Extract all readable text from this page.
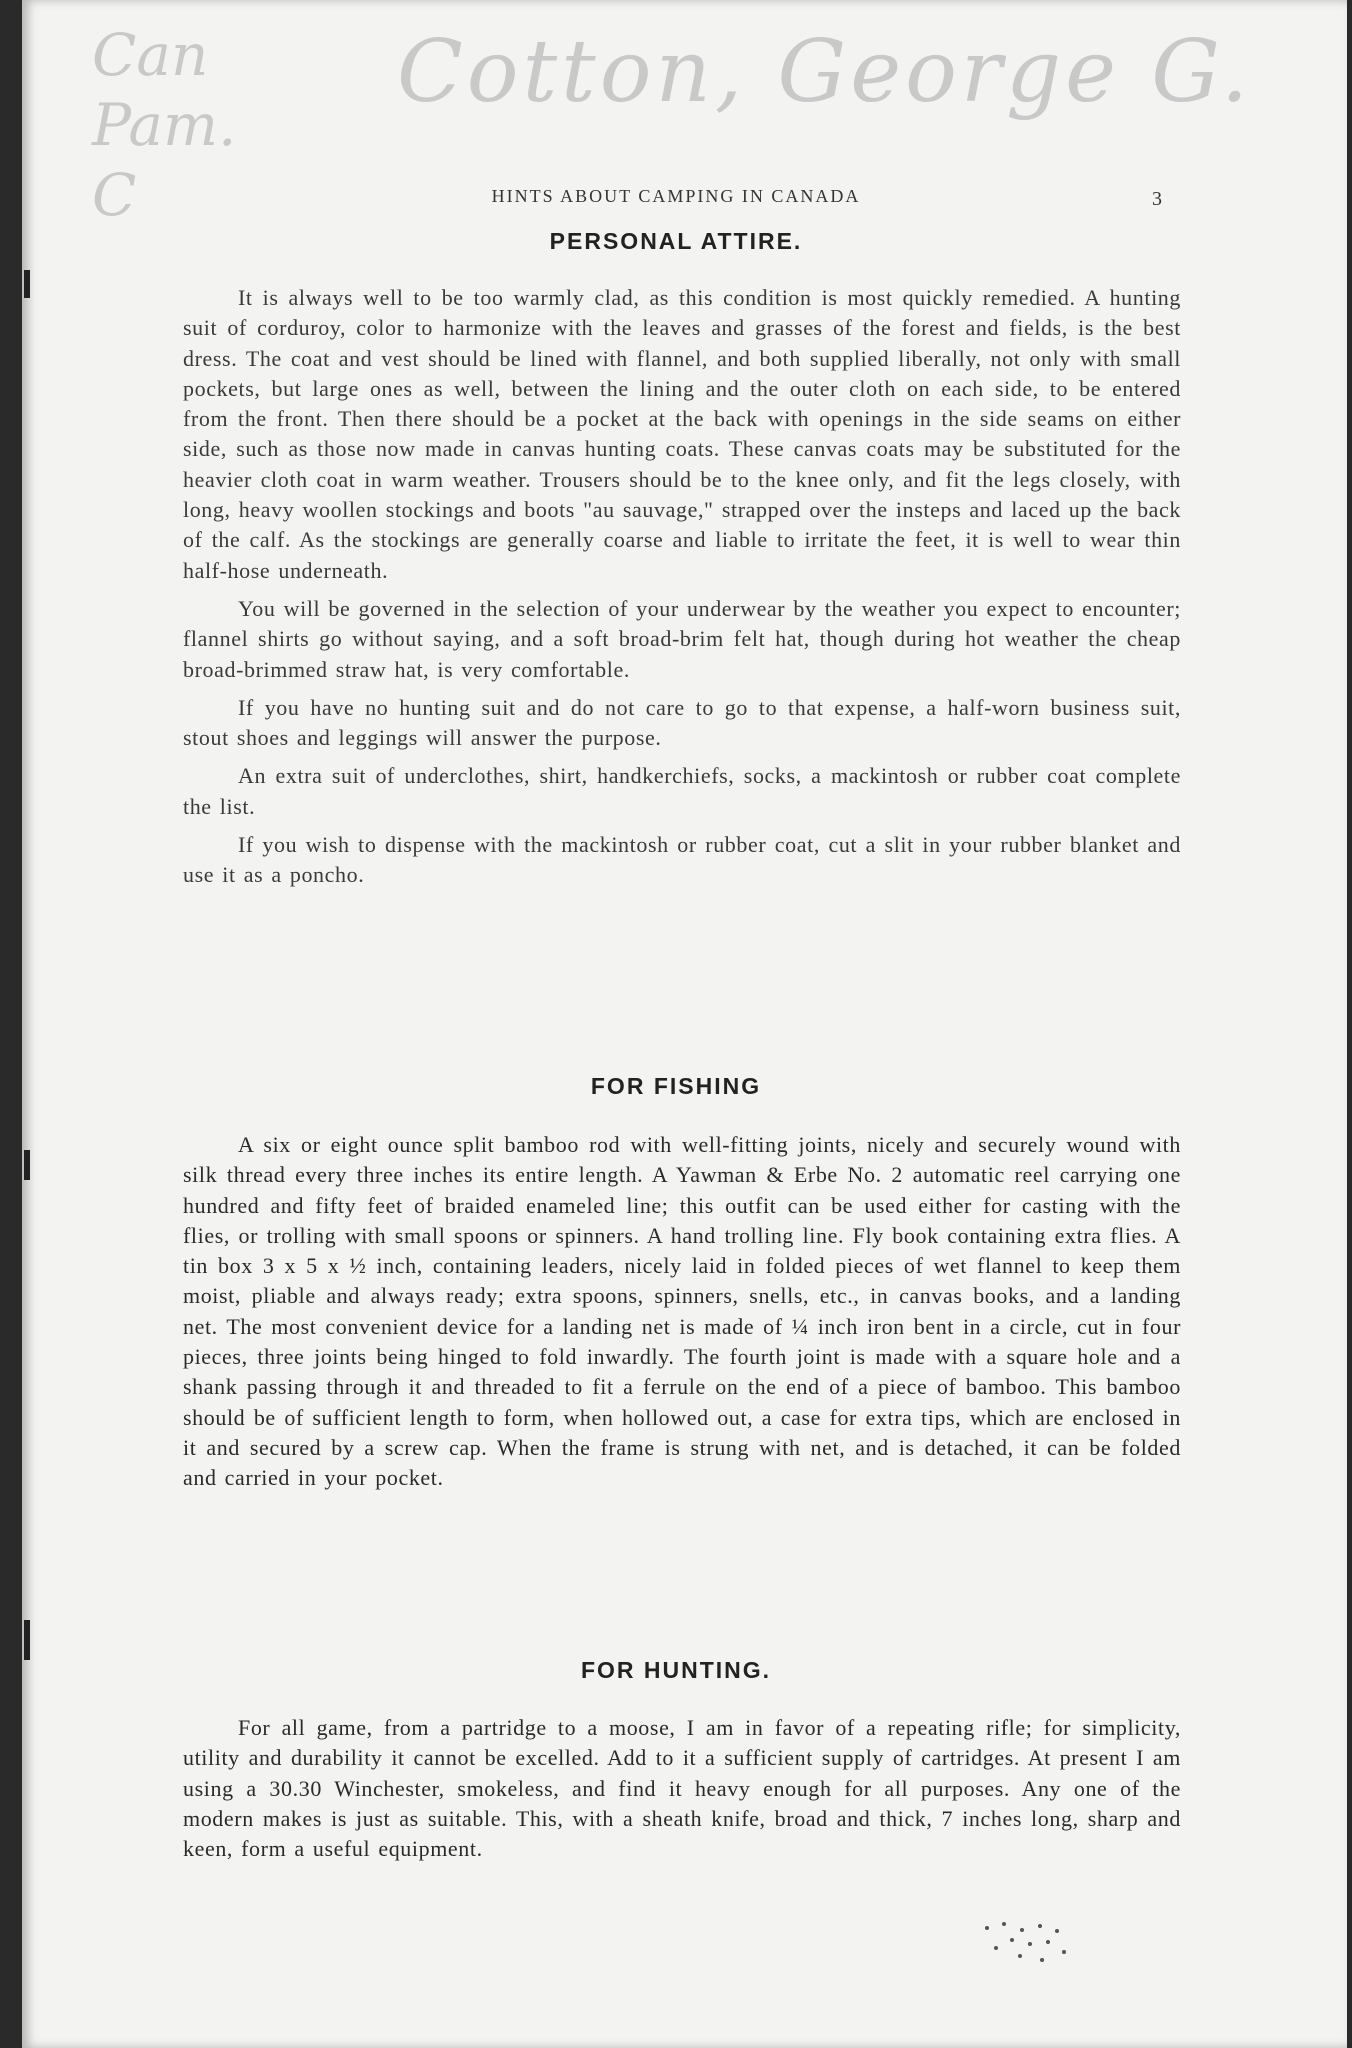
Can
Pam.
C
Cotton, George G.
HINTS ABOUT CAMPING IN CANADA	3
PERSONAL ATTIRE.

It is always well to be too warmly clad, as this condition is most quickly remedied. A hunting suit of corduroy, color to harmonize with the leaves and grasses of the forest and fields, is the best dress. The coat and vest should be lined with flannel, and both supplied liberally, not only with small pockets, but large ones as well, between the lining and the outer cloth on each side, to be entered from the front. Then there should be a pocket at the back with openings in the side seams on either side, such as those now made in canvas hunting coats. These canvas coats may be substituted for the heavier cloth coat in warm weather. Trousers should be to the knee only, and fit the legs closely, with long, heavy woollen stockings and boots "au sauvage," strapped over the insteps and laced up the back of the calf. As the stockings are generally coarse and liable to irritate the feet, it is well to wear thin half-hose underneath.

You will be governed in the selection of your underwear by the weather you expect to encounter; flannel shirts go without saying, and a soft broad-brim felt hat, though during hot weather the cheap broad-brimmed straw hat, is very comfortable.

If you have no hunting suit and do not care to go to that expense, a half-worn business suit, stout shoes and leggings will answer the purpose.

An extra suit of underclothes, shirt, handkerchiefs, socks, a mackintosh or rubber coat complete the list.

If you wish to dispense with the mackintosh or rubber coat, cut a slit in your rubber blanket and use it as a poncho.

FOR FISHING

A six or eight ounce split bamboo rod with well-fitting joints, nicely and securely wound with silk thread every three inches its entire length. A Yawman & Erbe No. 2 automatic reel carrying one hundred and fifty feet of braided enameled line; this outfit can be used either for casting with the flies, or trolling with small spoons or spinners. A hand trolling line. Fly book containing extra flies. A tin box 3 x 5 x ½ inch, containing leaders, nicely laid in folded pieces of wet flannel to keep them moist, pliable and always ready; extra spoons, spinners, snells, etc., in canvas books, and a landing net. The most convenient device for a landing net is made of ¼ inch iron bent in a circle, cut in four pieces, three joints being hinged to fold inwardly. The fourth joint is made with a square hole and a shank passing through it and threaded to fit a ferrule on the end of a piece of bamboo. This bamboo should be of sufficient length to form, when hollowed out, a case for extra tips, which are enclosed in it and secured by a screw cap. When the frame is strung with net, and is detached, it can be folded and carried in your pocket.

FOR HUNTING.

For all game, from a partridge to a moose, I am in favor of a repeating rifle; for simplicity, utility and durability it cannot be excelled. Add to it a sufficient supply of cartridges. At present I am using a 30.30 Winchester, smokeless, and find it heavy enough for all purposes. Any one of the modern makes is just as suitable. This, with a sheath knife, broad and thick, 7 inches long, sharp and keen, form a useful equipment.
